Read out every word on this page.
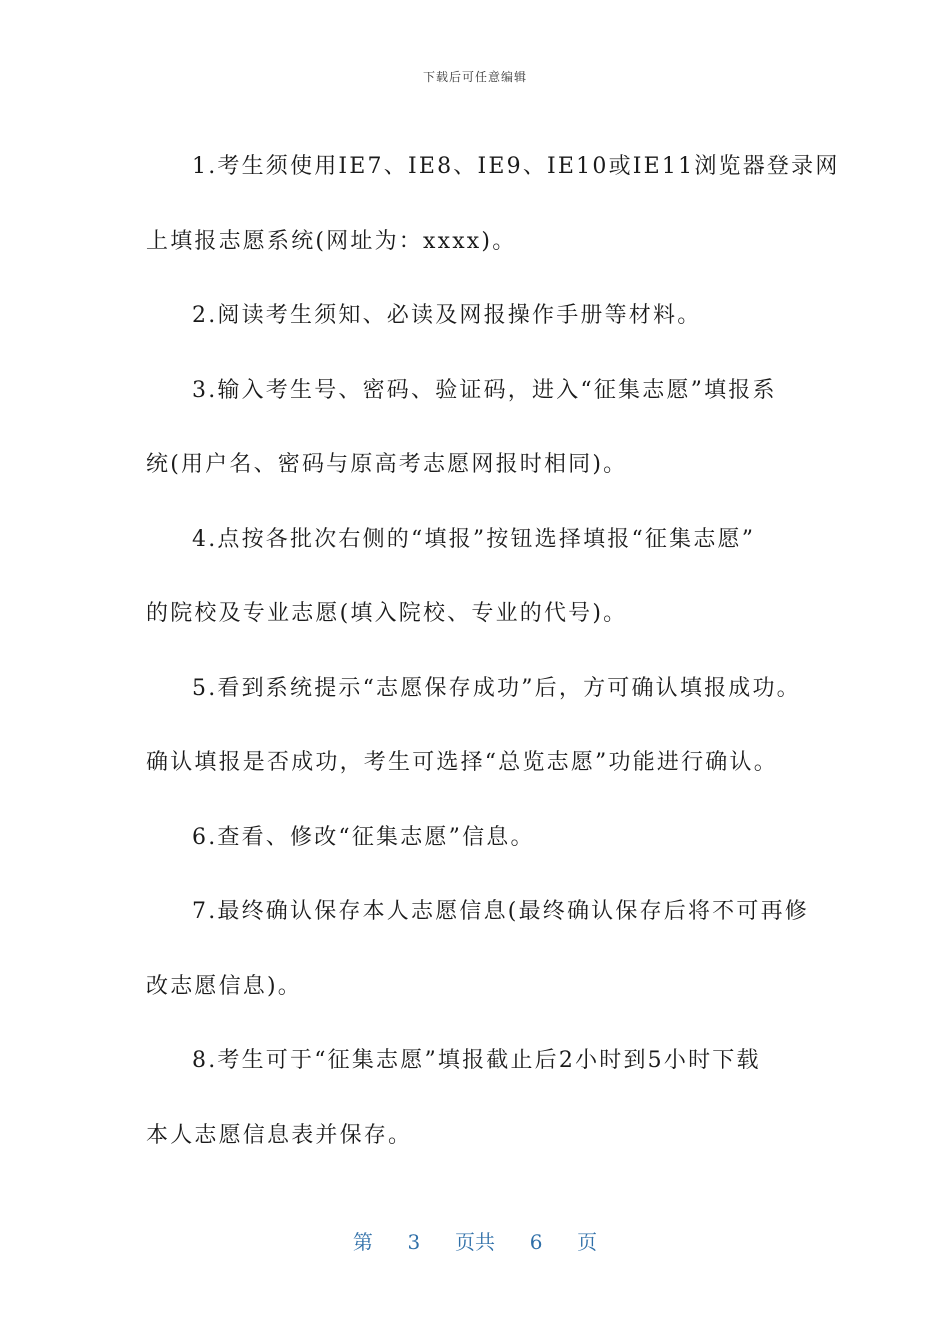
下载后可任意编辑
1.考生须使用IE7、IE8、IE9、IE10或IE11浏览器登录网
上填报志愿系统(网址为：xxxx)。
2.阅读考生须知、必读及网报操作手册等材料。
3.输入考生号、密码、验证码，进入“征集志愿”填报系
统(用户名、密码与原高考志愿网报时相同)。
4.点按各批次右侧的“填报”按钮选择填报“征集志愿”
的院校及专业志愿(填入院校、专业的代号)。
5.看到系统提示“志愿保存成功”后，方可确认填报成功。
确认填报是否成功，考生可选择“总览志愿”功能进行确认。
6.查看、修改“征集志愿”信息。
7.最终确认保存本人志愿信息(最终确认保存后将不可再修
改志愿信息)。
8.考生可于“征集志愿”填报截止后2小时到5小时下载
本人志愿信息表并保存。
第 3 页共 6 页
